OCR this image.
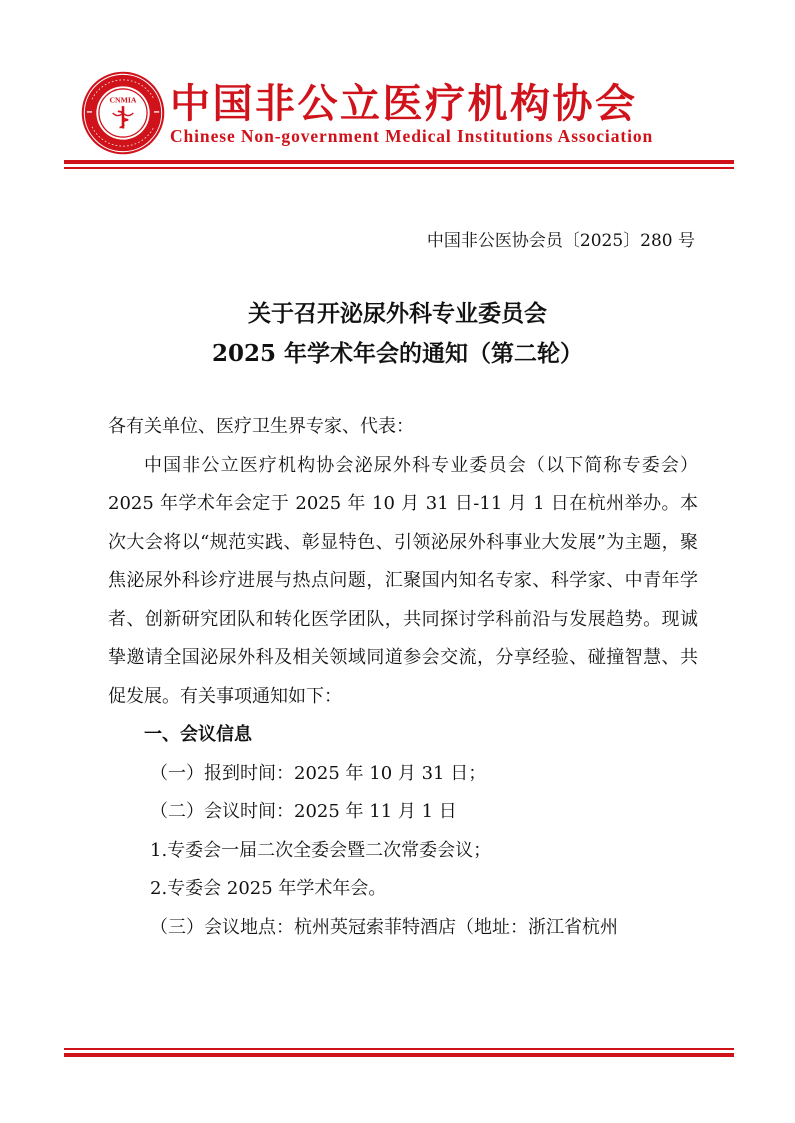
CNMIA 中国非公立医疗机构协会
Chinese Non-government Medical Institutions Association
中国非公医协会员〔2025〕280 号
关于召开泌尿外科专业委员会
2025 年学术年会的通知（第二轮）

各有关单位、医疗卫生界专家、代表：

中国非公立医疗机构协会泌尿外科专业委员会（以下简称专委会）2025 年学术年会定于 2025 年 10 月 31 日-11 月 1 日在杭州举办。本次大会将以“规范实践、彰显特色、引领泌尿外科事业大发展”为主题，聚焦泌尿外科诊疗进展与热点问题，汇聚国内知名专家、科学家、中青年学者、创新研究团队和转化医学团队，共同探讨学科前沿与发展趋势。现诚挚邀请全国泌尿外科及相关领域同道参会交流，分享经验、碰撞智慧、共促发展。有关事项通知如下：

一、会议信息

（一）报到时间：2025 年 10 月 31 日；

（二）会议时间：2025 年 11 月 1 日

1.专委会一届二次全委会暨二次常委会议；

2.专委会 2025 年学术年会。

（三）会议地点：杭州英冠索菲特酒店（地址：浙江省杭州
